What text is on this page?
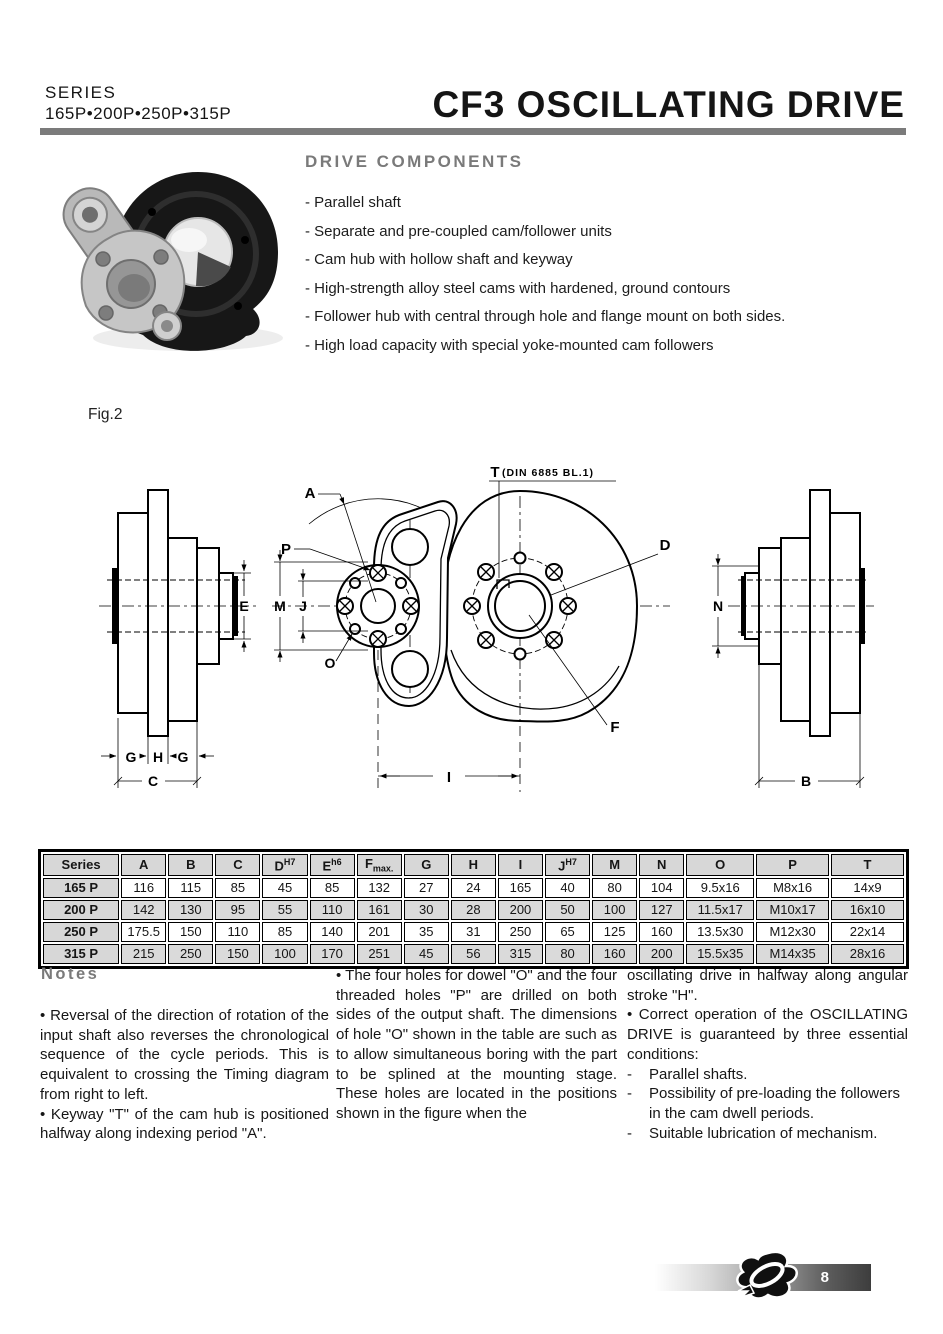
SERIES
165P•200P•250P•315P	CF3 OSCILLATING DRIVE
DRIVE COMPONENTS
- Parallel shaft
- Separate and pre-coupled cam/follower units
- Cam hub with hollow shaft and keyway
- High-strength alloy steel cams with hardened, ground contours
- Follower hub with central through hole and flange mount on both sides.
- High load capacity with special yoke-mounted cam followers
Fig.2
E
G H G
C
A
P
M J
O
T (DIN 6885 BL.1)
D
F
I
N
B
Series	A	B	C	$D^{H7}$	$E^{h6}$	$F_{max.}$	G	H	I	$J^{H7}$	M	N	O	P	T
165 P	116	115	85	45	85	132	27	24	165	40	80	104	9.5x16	M8x16	14x9
200 P	142	130	95	55	110	161	30	28	200	50	100	127	11.5x17	M10x17	16x10
250 P	175.5	150	110	85	140	201	35	31	250	65	125	160	13.5x30	M12x30	22x14
315 P	215	250	150	100	170	251	45	56	315	80	160	200	15.5x35	M14x35	28x16
Notes

• Reversal of the direction of rotation of the input shaft also reverses the chronological sequence of the cycle periods. This is equivalent to crossing the Timing diagram from right to left.

• Keyway "T" of the cam hub is positioned halfway along indexing period "A".

• The four holes for dowel "O" and the four threaded holes "P" are drilled on both sides of the output shaft. The dimensions of hole "O" shown in the table are such as to allow simultaneous boring with the part to be splined at the mounting stage. These holes are located in the positions shown in the figure when the

oscillating drive in halfway along angular stroke "H".

• Correct operation of the OSCILLATING DRIVE is guaranteed by three essential conditions:

-	Parallel shafts.
-	Possibility of pre-loading the followers in the cam dwell periods.
-	Suitable lubrication of mechanism.
8
